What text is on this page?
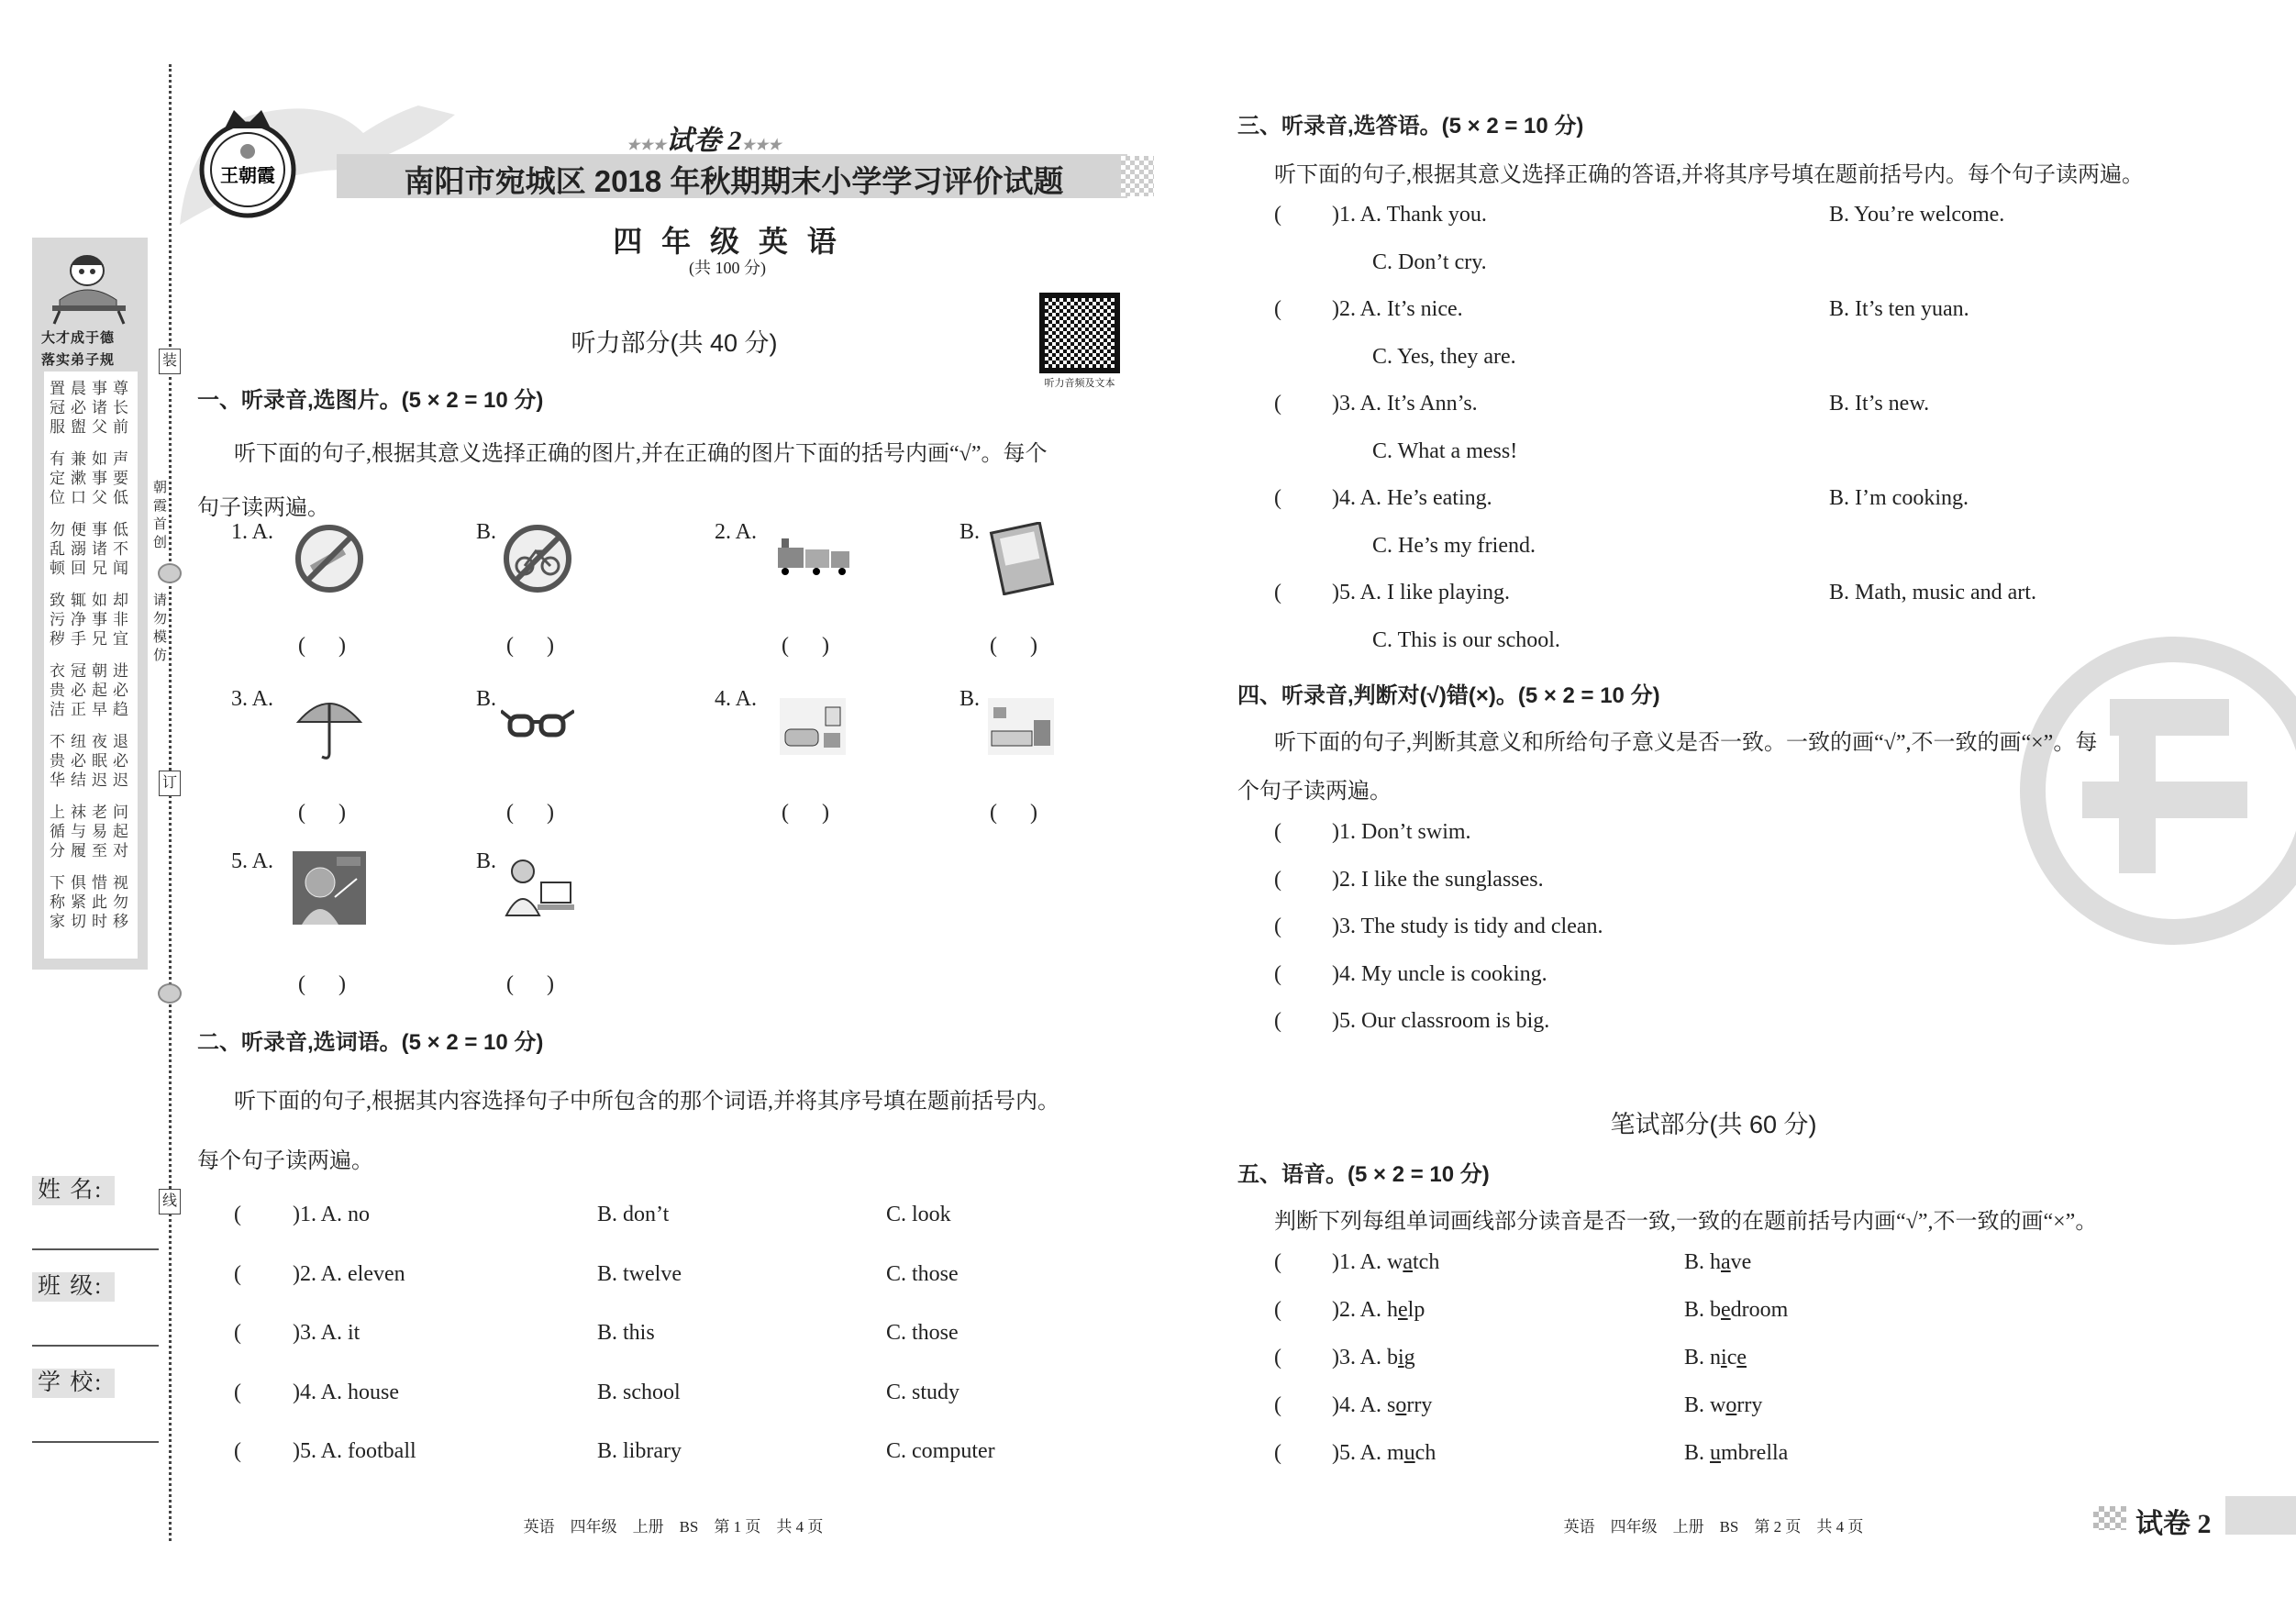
装
订
线
朝霞首创
请勿模仿
大才成于德
落实弟子规
置晨事尊
冠必诸长
服盥父前
有兼如声
定漱事要
位口父低
勿便事低
乱溺诸不
顿回兄闻
致辄如却
污净事非
秽手兄宜
衣冠朝进
贵必起必
洁正早趋
不纽夜退
贵必眠必
华结迟迟
上袜老问
循与易起
分履至对
下俱惜视
称紧此勿
家切时移
姓 名:
班 级:
学 校:
王朝霞
★★★试卷 2★★★
南阳市宛城区 2018 年秋期期末小学学习评价试题
四 年 级 英 语
(共 100 分)
听力部分(共 40 分)
听力音频及文本
一、听录音,选图片。(5 × 2 = 10 分)
听下面的句子,根据其意义选择正确的图片,并在正确的图片下面的括号内画“√”。每个
句子读两遍。
1. A.	B.
(      )	(      )
2. A.	B.
(      )	(      )
3. A.	B.
(      )	(      )
4. A.	B.
(      )	(      )
5. A.	B.
(      )	(      )
二、听录音,选词语。(5 × 2 = 10 分)
听下面的句子,根据其内容选择句子中所包含的那个词语,并将其序号填在题前括号内。
每个句子读两遍。
( )1. A. no	B. don’t	C. look
( )2. A. eleven	B. twelve	C. those
( )3. A. it	B. this	C. those
( )4. A. house	B. school	C. study
( )5. A. football	B. library	C. computer
英语　四年级　上册　BS　第 1 页　共 4 页
三、听录音,选答语。(5 × 2 = 10 分)
听下面的句子,根据其意义选择正确的答语,并将其序号填在题前括号内。每个句子读两遍。
( )1. A. Thank you.	B. You’re welcome.
C. Don’t cry.
( )2. A. It’s nice.	B. It’s ten yuan.
C. Yes, they are.
( )3. A. It’s Ann’s.	B. It’s new.
C. What a mess!
( )4. A. He’s eating.	B. I’m cooking.
C. He’s my friend.
( )5. A. I like playing.	B. Math, music and art.
C. This is our school.
四、听录音,判断对(√)错(×)。(5 × 2 = 10 分)
听下面的句子,判断其意义和所给句子意义是否一致。一致的画“√”,不一致的画“×”。每
个句子读两遍。
( )1. Don’t swim.
( )2. I like the sunglasses.
( )3. The study is tidy and clean.
( )4. My uncle is cooking.
( )5. Our classroom is big.
笔试部分(共 60 分)
五、语音。(5 × 2 = 10 分)
判断下列每组单词画线部分读音是否一致,一致的在题前括号内画“√”,不一致的画“×”。
( )1. A. watch	B. have
( )2. A. help	B. bedroom
( )3. A. big	B. nice
( )4. A. sorry	B. worry
( )5. A. much	B. umbrella
英语　四年级　上册　BS　第 2 页　共 4 页	试卷 2
